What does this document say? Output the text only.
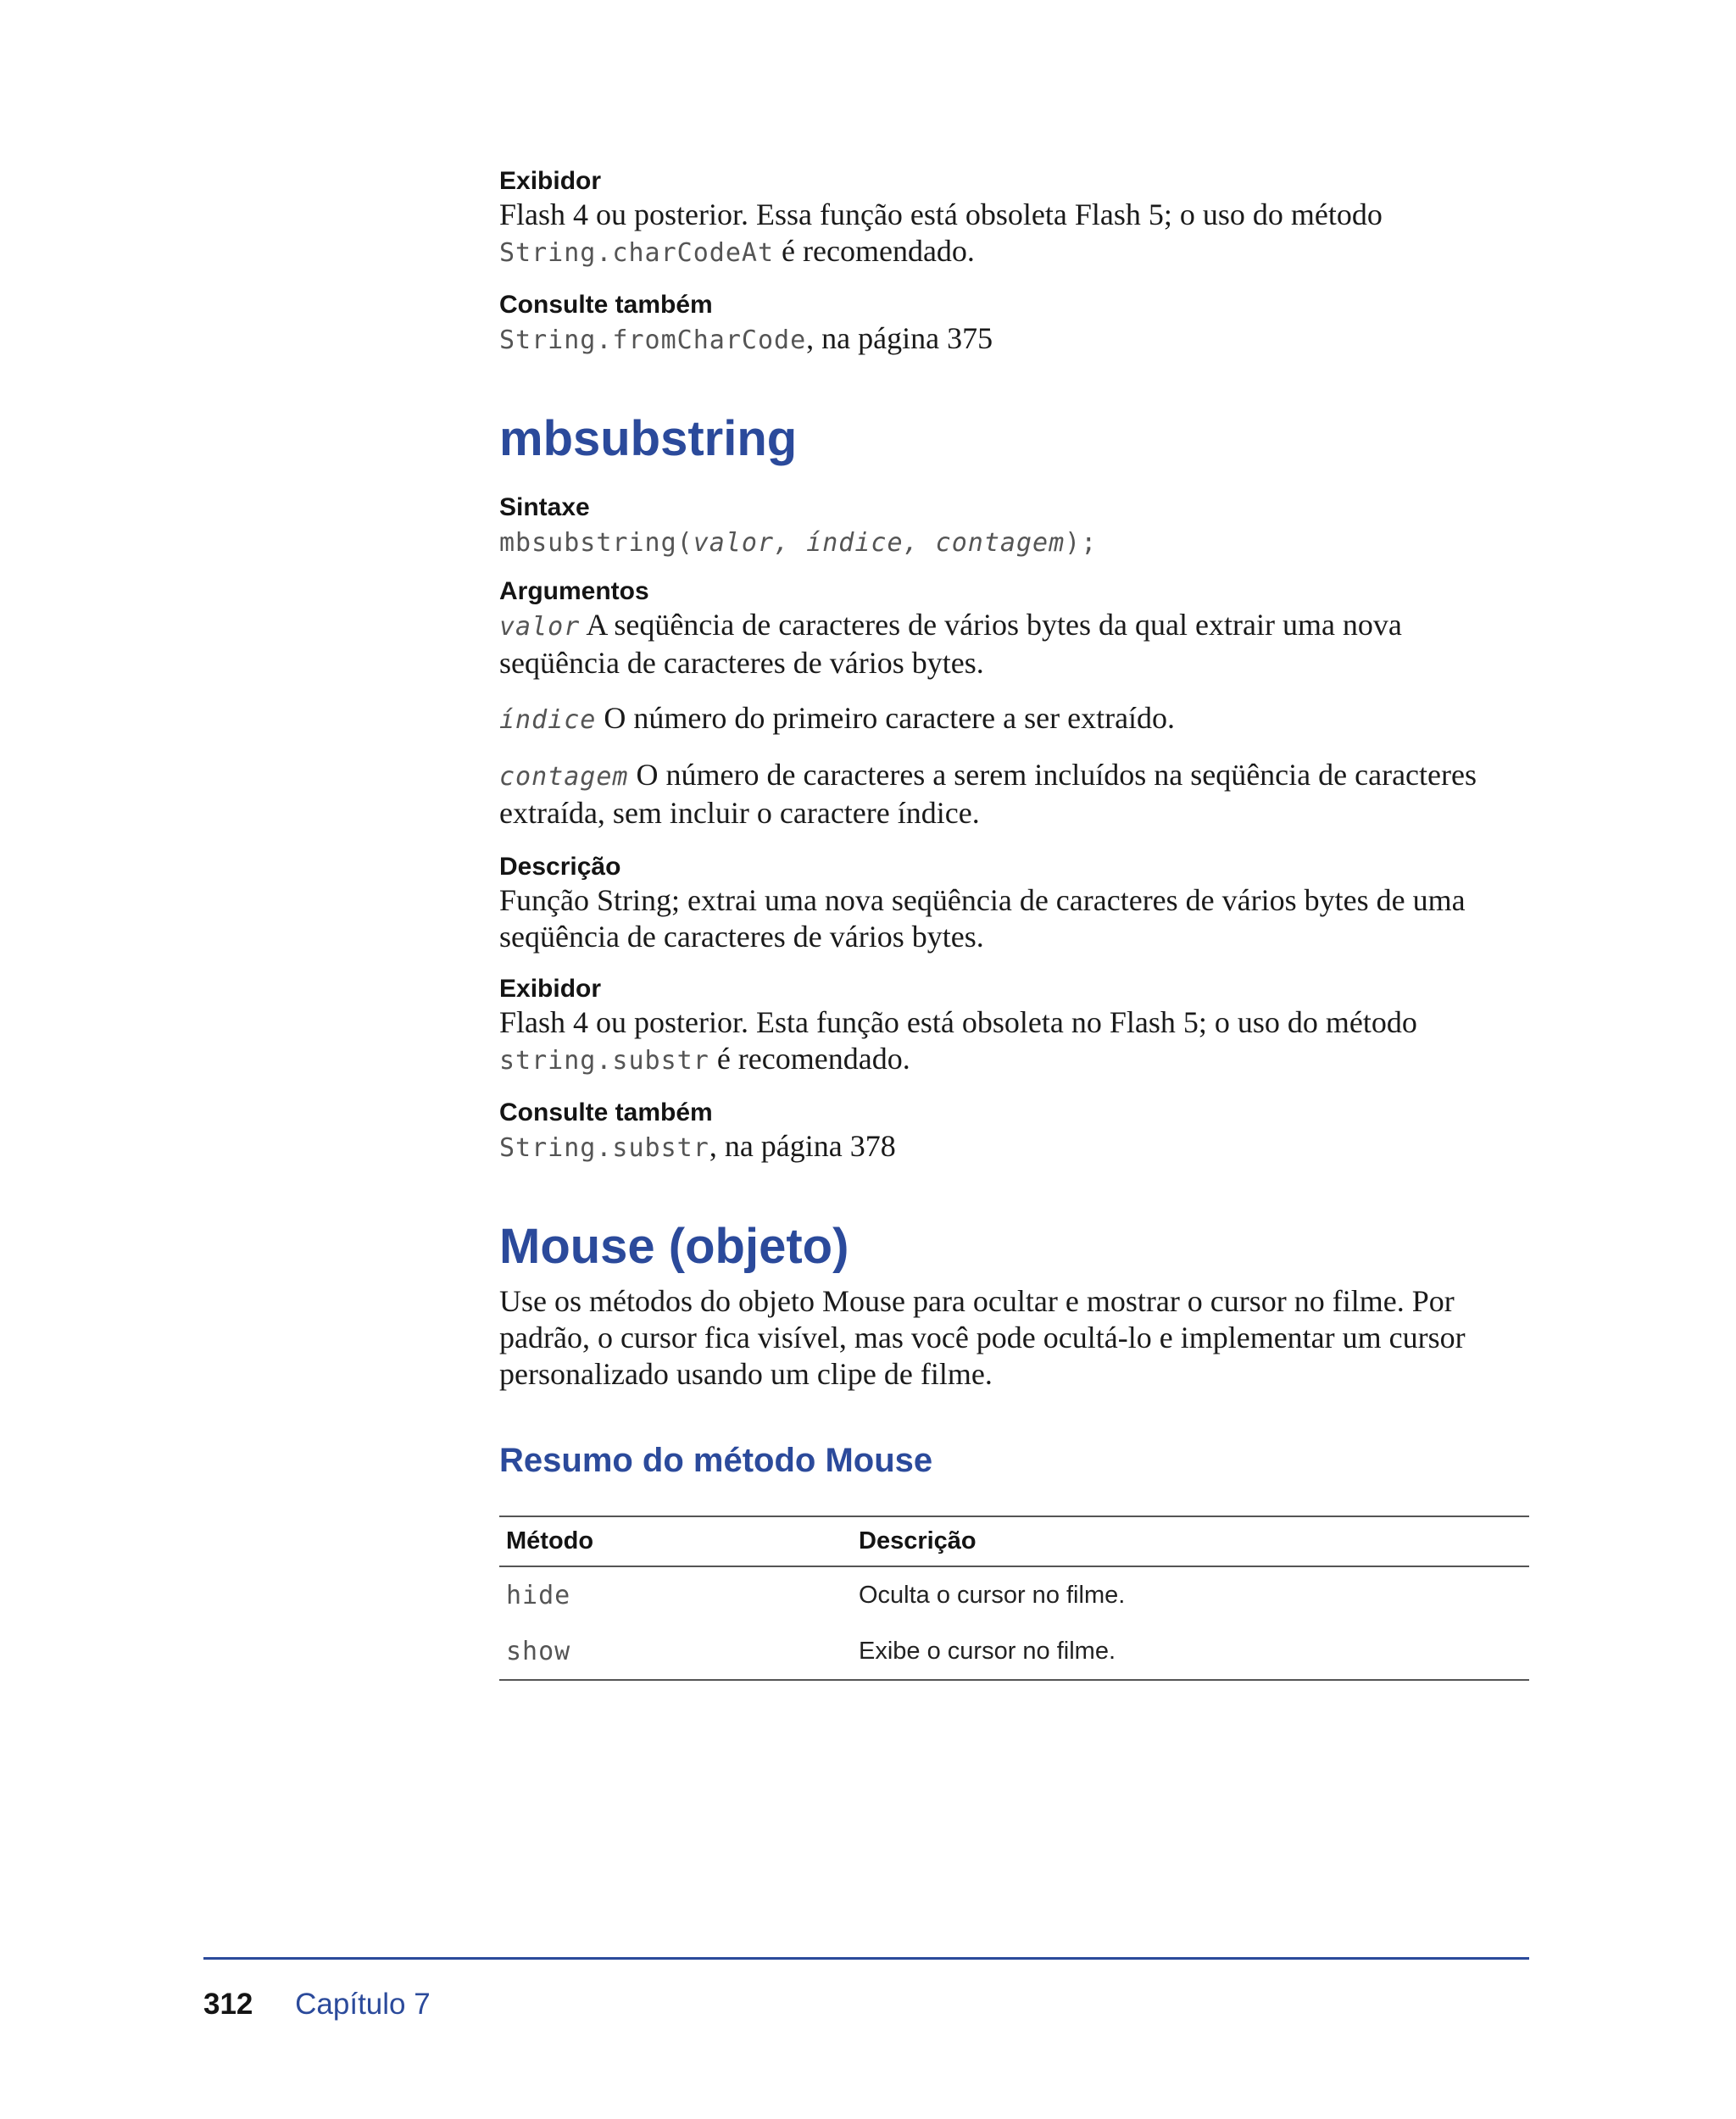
Exibidor

Flash 4 ou posterior. Essa função está obsoleta Flash 5; o uso do método
String.charCodeAt é recomendado.

Consulte também

String.fromCharCode, na página 375

mbsubstring

Sintaxe

mbsubstring(valor, índice, contagem);

Argumentos

valor A seqüência de caracteres de vários bytes da qual extrair uma nova seqüência de caracteres de vários bytes.

índice O número do primeiro caractere a ser extraído.

contagem O número de caracteres a serem incluídos na seqüência de caracteres extraída, sem incluir o caractere índice.

Descrição

Função String; extrai uma nova seqüência de caracteres de vários bytes de uma seqüência de caracteres de vários bytes.

Exibidor

Flash 4 ou posterior. Esta função está obsoleta no Flash 5; o uso do método
string.substr é recomendado.

Consulte também

String.substr, na página 378

Mouse (objeto)

Use os métodos do objeto Mouse para ocultar e mostrar o cursor no filme. Por padrão, o cursor fica visível, mas você pode ocultá-lo e implementar um cursor personalizado usando um clipe de filme.

Resumo do método Mouse
Método	Descrição
hide	Oculta o cursor no filme.
show	Exibe o cursor no filme.
312 Capítulo 7
